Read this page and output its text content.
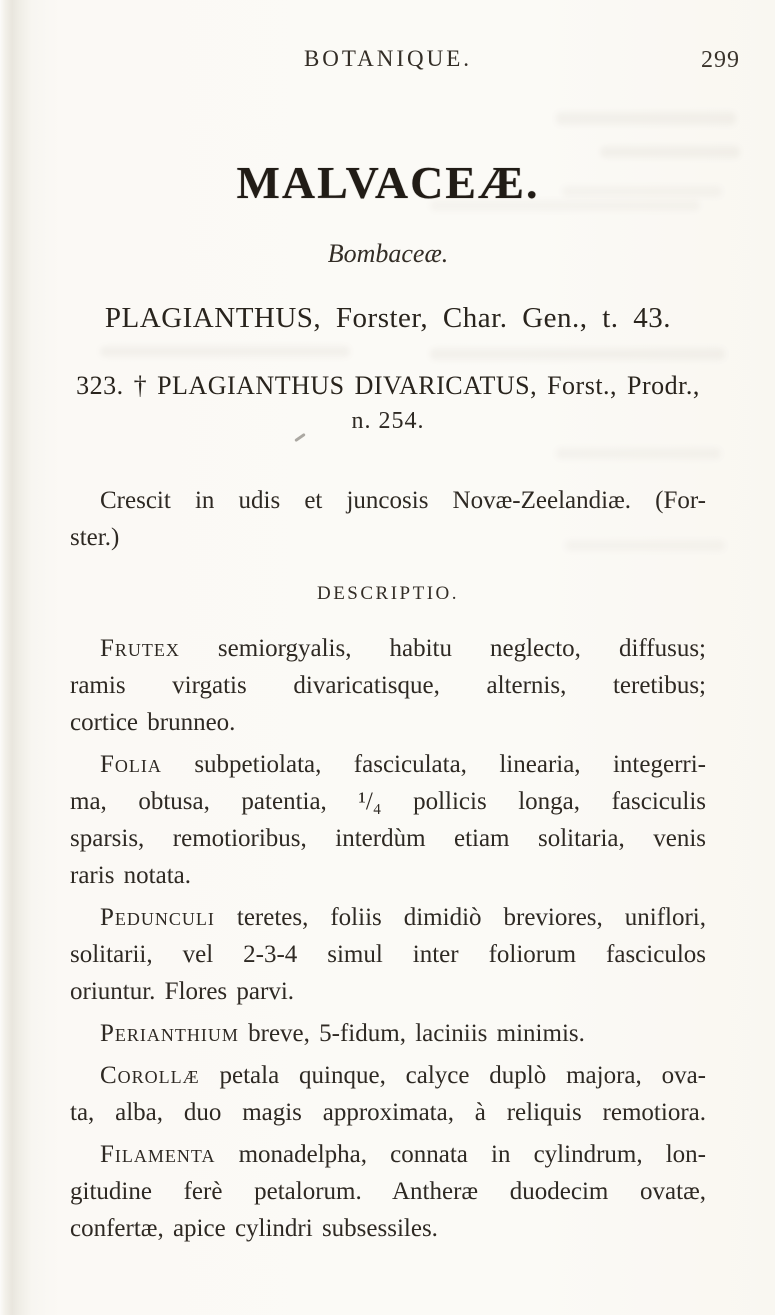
BOTANIQUE.	299
MALVACEÆ.
Bombaceæ.
PLAGIANTHUS, Forster, Char. Gen., t. 43.
323. † PLAGIANTHUS DIVARICATUS, Forst., Prodr.,
n. 254.
Crescit in udis et juncosis Novæ-Zeelandiæ. (For-
ster.)
DESCRIPTIO.
Frutex semiorgyalis, habitu neglecto, diffusus;
ramis virgatis divaricatisque, alternis, teretibus;
cortice brunneo.
Folia subpetiolata, fasciculata, linearia, integerri-
ma, obtusa, patentia, ¹/₄ pollicis longa, fasciculis
sparsis, remotioribus, interdùm etiam solitaria, venis
raris notata.
Pedunculi teretes, foliis dimidiò breviores, uniflori,
solitarii, vel 2-3-4 simul inter foliorum fasciculos
oriuntur. Flores parvi.
Perianthium breve, 5-fidum, laciniis minimis.
Corollæ petala quinque, calyce duplò majora, ova-
ta, alba, duo magis approximata, à reliquis remotiora.
Filamenta monadelpha, connata in cylindrum, lon-
gitudine ferè petalorum. Antheræ duodecim ovatæ,
confertæ, apice cylindri subsessiles.
